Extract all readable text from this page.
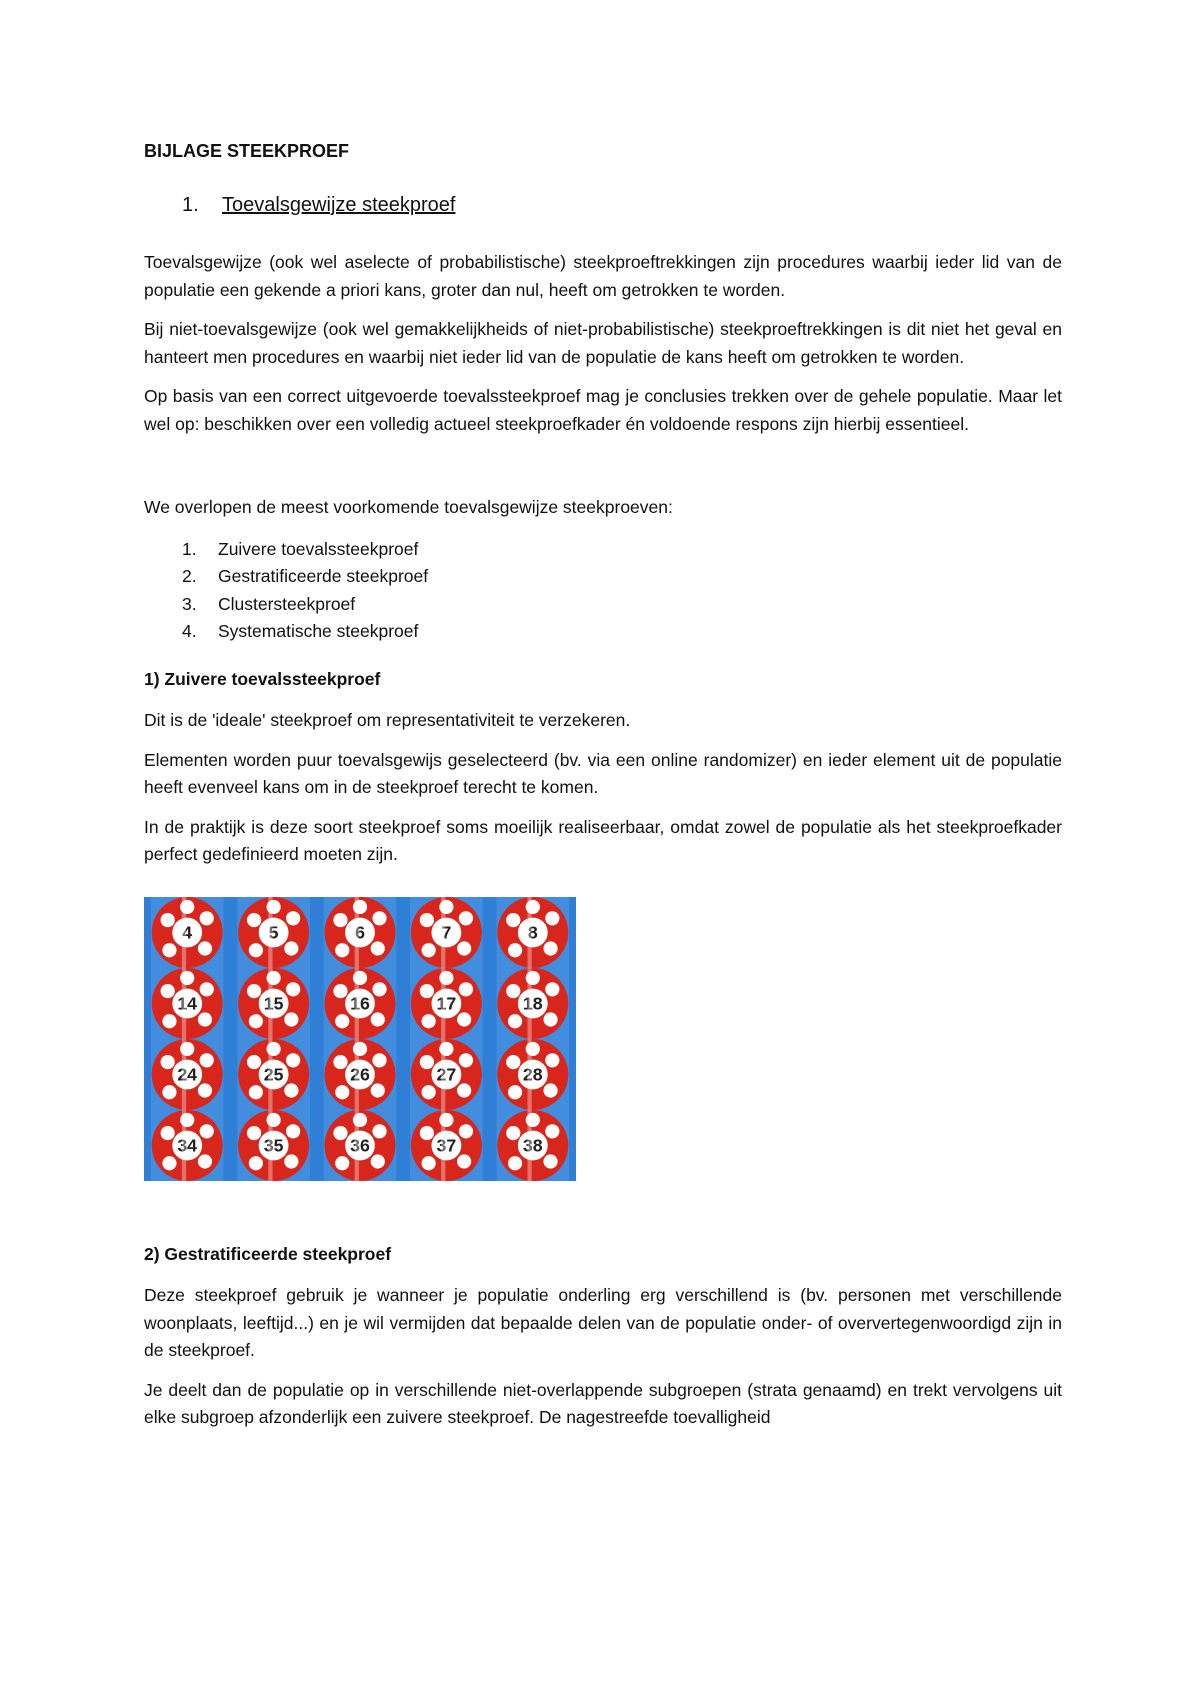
BIJLAGE STEEKPROEF
1.	Toevalsgewijze steekproef

Toevalsgewijze (ook wel aselecte of probabilistische) steekproeftrekkingen zijn procedures waarbij ieder lid van de populatie een gekende a priori kans, groter dan nul, heeft om getrokken te worden.

Bij niet-toevalsgewijze (ook wel gemakkelijkheids of niet-probabilistische) steekproeftrekkingen is dit niet het geval en hanteert men procedures en waarbij niet ieder lid van de populatie de kans heeft om getrokken te worden.

Op basis van een correct uitgevoerde toevalssteekproef mag je conclusies trekken over de gehele populatie. Maar let wel op: beschikken over een volledig actueel steekproefkader én voldoende respons zijn hierbij essentieel.

We overlopen de meest voorkomende toevalsgewijze steekproeven:

1.	Zuivere toevalssteekproef
2.	Gestratificeerde steekproef
3.	Clustersteekproef
4.	Systematische steekproef
1) Zuivere toevalssteekproef

Dit is de 'ideale' steekproef om representativiteit te verzekeren.

Elementen worden puur toevalsgewijs geselecteerd (bv. via een online randomizer) en ieder element uit de populatie heeft evenveel kans om in de steekproef terecht te komen.

In de praktijk is deze soort steekproef soms moeilijk realiseerbaar, omdat zowel de populatie als het steekproefkader perfect gedefinieerd moeten zijn.

4	5	6	7	8
14	15	16	17	18
24	25	26	27	28
34	35	36	37	38
2) Gestratificeerde steekproef

Deze steekproef gebruik je wanneer je populatie onderling erg verschillend is (bv. personen met verschillende woonplaats, leeftijd...) en je wil vermijden dat bepaalde delen van de populatie onder- of oververtegenwoordigd zijn in de steekproef.

Je deelt dan de populatie op in verschillende niet-overlappende subgroepen (strata genaamd) en trekt vervolgens uit elke subgroep afzonderlijk een zuivere steekproef. De nagestreefde toevalligheid
